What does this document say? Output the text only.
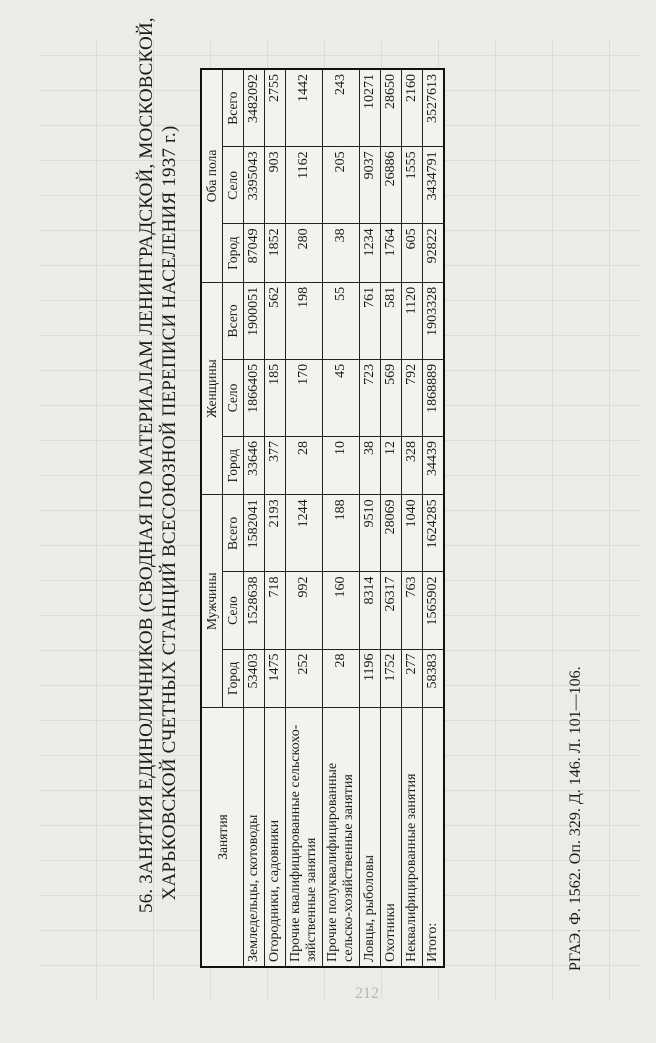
212
56. ЗАНЯТИЯ ЕДИНОЛИЧНИКОВ (СВОДНАЯ ПО МАТЕРИАЛАМ ЛЕНИНГРАДСКОЙ, МОСКОВСКОЙ, ХАРЬКОВСКОЙ СЧЕТНЫХ СТАНЦИЙ ВСЕСОЮЗНОЙ ПЕРЕПИСИ НАСЕЛЕНИЯ 1937 г.)	Занятия	Мужчины			Женщины			Оба пола		
	Город	Село	Всего	Город	Село	Всего	Город	Село	Всего
Земледельцы, скотоводы	53403	1528638	1582041	33646	1866405	1900051	87049	3395043	3482092
Огородники, садовники	1475	718	2193	377	185	562	1852	903	2755
Прочие квалифицированные сельскохо-зяйственные занятия	252	992	1244	28	170	198	280	1162	1442
Прочие полуквалифицированные сельско-хозяйственные занятия	28	160	188	10	45	55	38	205	243
Ловцы, рыболовы	1196	8314	9510	38	723	761	1234	9037	10271
Охотники	1752	26317	28069	12	569	581	1764	26886	28650
Неквалифицированные занятия	277	763	1040	328	792	1120	605	1555	2160
Итого:	58383	1565902	1624285	34439	1868889	1903328	92822	3434791	3527613
РГАЭ. Ф. 1562. Оп. 329. Д. 146. Л. 101—106.
